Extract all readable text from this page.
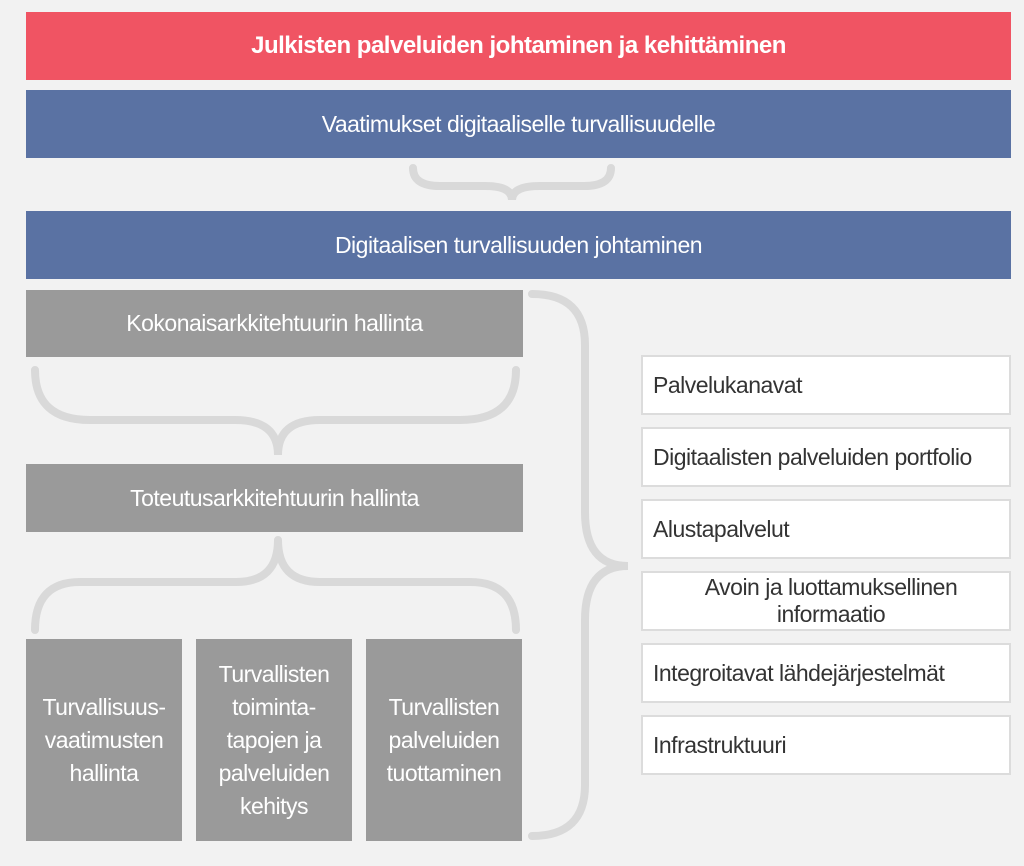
Julkisten palveluiden johtaminen ja kehittäminen
Vaatimukset digitaaliselle turvallisuudelle
Digitaalisen turvallisuuden johtaminen
Kokonaisarkkitehtuurin hallinta
Toteutusarkkitehtuurin hallinta
Turvallisuus-
vaatimusten
hallinta
Turvallisten
toiminta-
tapojen ja
palveluiden
kehitys
Turvallisten
palveluiden
tuottaminen
Palvelukanavat
Digitaalisten palveluiden portfolio
Alustapalvelut
Avoin ja luottamuksellinen informaatio
Integroitavat lähdejärjestelmät
Infrastruktuuri
